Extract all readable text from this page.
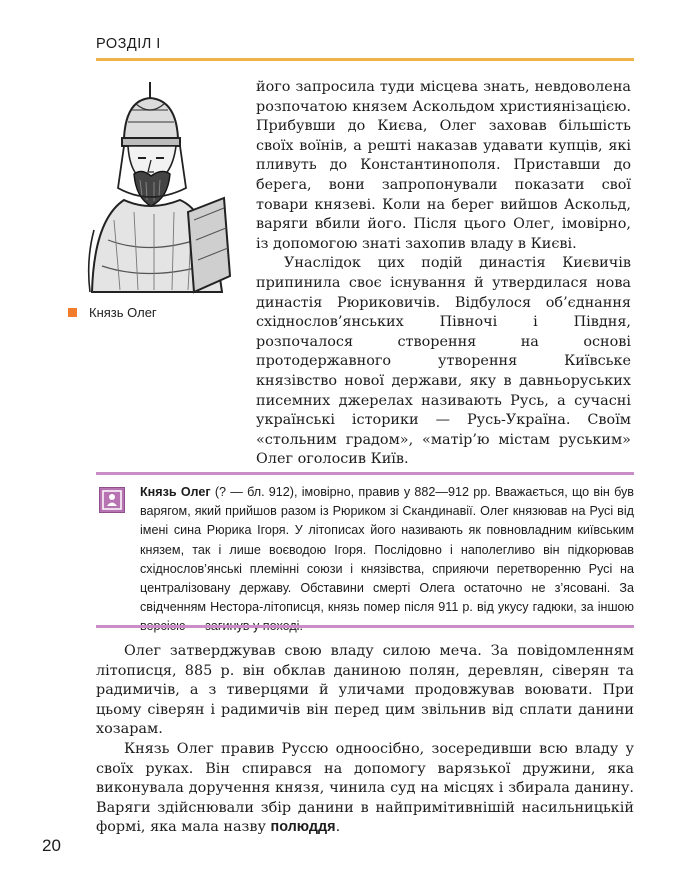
РОЗДІЛ І
Князь Олег

його запросила туди місцева знать, невдоволена розпочатою князем Аскольдом християнізацією. Прибувши до Києва, Олег заховав більшість своїх воїнів, а решті наказав удавати купців, які пливуть до Константинополя. Приставши до берега, вони запропонували показати свої товари князеві. Коли на берег вийшов Аскольд, варяги вбили його. Після цього Олег, імовірно, із допомогою знаті захопив владу в Києві.

Унаслідок цих подій династія Києвичів припинила своє існування й утвердилася нова династія Рюриковичів. Відбулося об’єднання східнослов’янських Півночі і Півдня, розпочалося створення на основі протодержавного утворення Київське князівство нової держави, яку в давньоруських писемних джерелах називають Русь, а сучасні українські історики — Русь-Україна. Своїм «стольним градом», «матір’ю містам руським» Олег оголосив Київ.

Князь Олег (? — бл. 912), імовірно, правив у 882—912 рр. Вважається, що він був варягом, який прийшов разом із Рюриком зі Скандинавії. Олег князював на Русі від імені сина Рюрика Ігоря. У літописах його називають як повновладним київським князем, так і лише воєводою Ігоря. Послідовно і наполегливо він підкорював східнослов’янські племінні союзи і князівства, сприяючи перетворенню Русі на централізовану державу. Обставини смерті Олега остаточно не з’ясовані. За свідченням Нестора-літописця, князь помер після 911 р. від укусу гадюки, за іншою

Олег затверджував свою владу силою меча. За повідомленням літописця, 885 р. він обклав даниною полян, деревлян, сіверян та радимичів, а з тиверцями й уличами продовжував воювати. При цьому сіверян і радимичів він перед цим звільнив від сплати данини хозарам.

Князь Олег правив Руссю одноосібно, зосередивши всю владу у своїх руках. Він спирався на допомогу варязької дружини, яка виконувала доручення князя, чинила суд на місцях і збирала данину. Варяги здійснювали збір данини в найпримітивнішій насильницькій формі, яка мала назву полюддя.

20
